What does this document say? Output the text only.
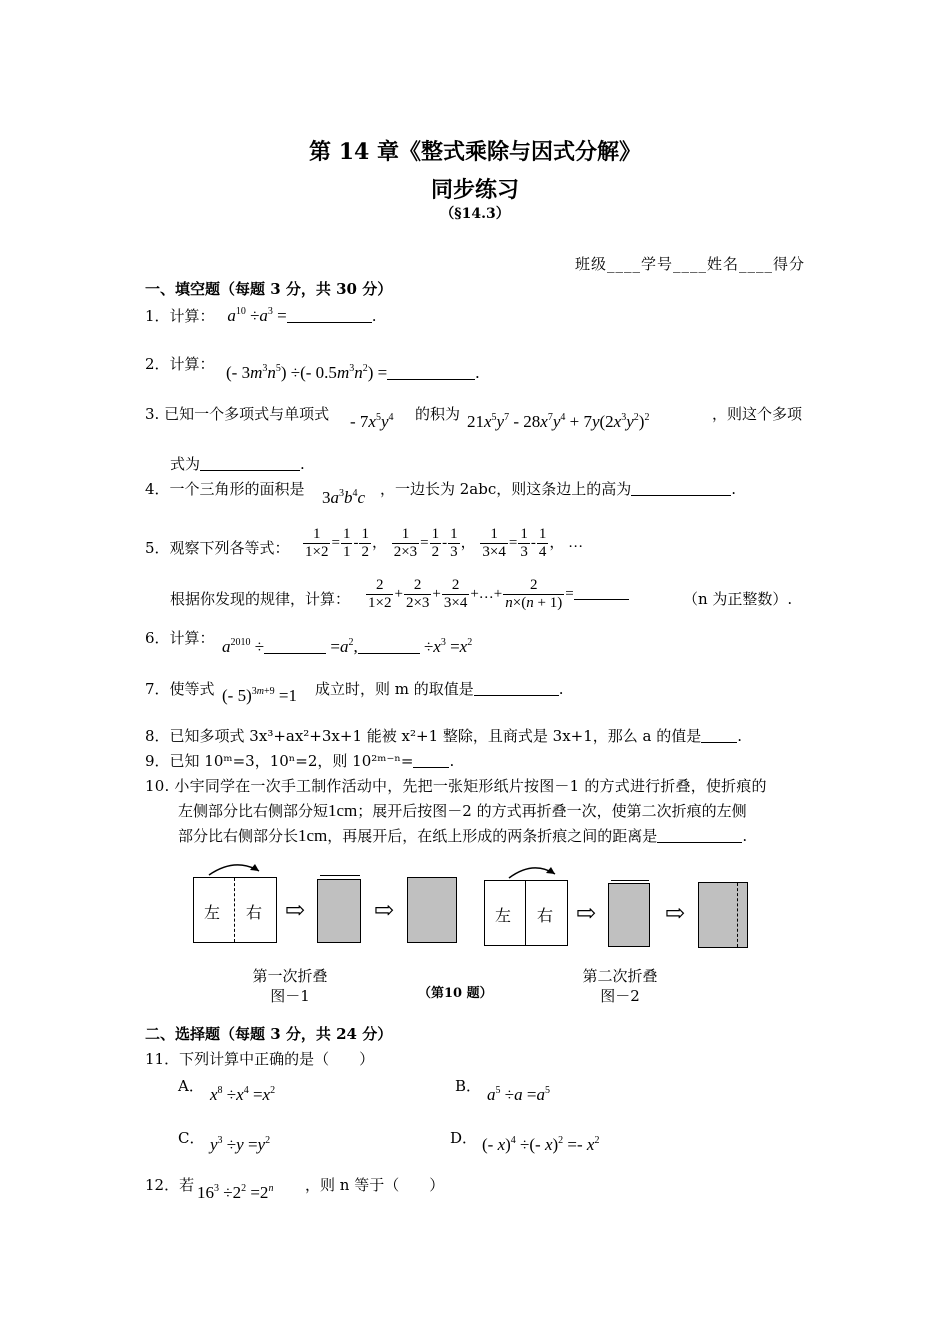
第 14 章《整式乘除与因式分解》
同步练习
（§14.3）
班级____学号____姓名____得分
一、填空题（每题 3 分，共 30 分）
1．计算： $a^{10} \div a^3$ =	.
2．计算： (- $3m^3n^5$) ÷(- $0.5m^3n^2$) =	.
3. 已知一个多项式与单项式 - $7x^5y^4$ 的积为 $21x^5y^7 - 28x^7y^4 + 7y(2x^3y^2)^2$	，则这个多项
式为	.
4．一个三角形的面积是 $3a^3b^4c$ ，一边长为 2abc，则这条边上的高为	.
5．观察下列各等式： $\frac{1}{1\times 2} = \frac{1}{1} - \frac{1}{2}$ ， $\frac{1}{2\times 3} = \frac{1}{2} - \frac{1}{3}$ ， $\frac{1}{3\times 4} = \frac{1}{3} - \frac{1}{4}$ ， …
根据你发现的规律，计算： $\frac{2}{1\times 2} + \frac{2}{2\times 3} + \frac{2}{3\times 4}$ +…+ $\frac{2}{n\times(n + 1)}$ =	（n 为正整数）.
6．计算： $a^{2010}$ ÷	$=a^2$,	$\div x^3 =x^2$
7．使等式 (- 5)$^{3m+9}$ =1 成立时，则 m 的取值是	.
8．已知多项式 3x³+ax²+3x+1 能被 x²+1 整除，且商式是 3x+1，那么 a 的值是 .
9．已知 10ᵐ=3，10ⁿ=2，则 10²ᵐ⁻ⁿ= .
10. 小宇同学在一次手工制作活动中，先把一张矩形纸片按图－1 的方式进行折叠，使折痕的
左侧部分比右侧部分短1cm；展开后按图－2 的方式再折叠一次，使第二次折痕的左侧
部分比右侧部分长1cm，再展开后，在纸上形成的两条折痕之间的距离是	.
左 右 ⇨	⇨	左 右 ⇨	⇨
第一次折叠
图－1	（第10 题）
第二次折叠
图－2
二、选择题（每题 3 分，共 24 分）
11．下列计算中正确的是（　　）
A． $x^8 \div x^4 =x^2$	B． $a^5 \div a =a^5$
C． $y^3 \div y =y^2$	D． (- x)$^4$ ÷(- $x)^2 =- x^2$
12．若 $16^3 \div 2^2 =2^n$ ，则 n 等于（　　）
